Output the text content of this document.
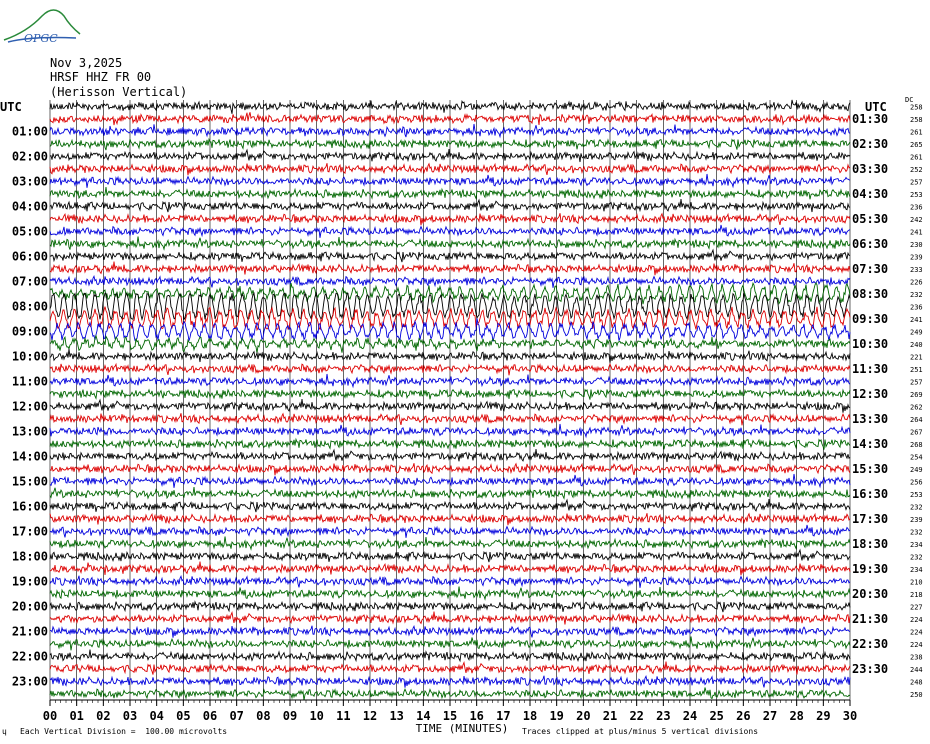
OPGC
Nov 3,2025
HRSF HHZ FR 00
(Herisson Vertical)
258
258
261
265
261
252
257
253
236
242
241
230
239
233
226
232
236
241
249
240
221
251
257
269
262
264
267
268
254
249
256
253
232
239
232
234
232
234
210
218
227
224
224
224
238
244
248
250
UTC	UTC	DC
01:00
02:00
03:00
04:00
05:00
06:00
07:00
08:00
09:00
10:00
11:00
12:00
13:00
14:00
15:00
16:00
17:00
18:00
19:00
20:00
21:00
22:00
23:00
01:30
02:30
03:30
04:30
05:30
06:30
07:30
08:30
09:30
10:30
11:30
12:30
13:30
14:30
15:30
16:30
17:30
18:30
19:30
20:30
21:30
22:30
23:30
00 01 02 03 04 05 06 07 08 09 10 11 12 13 14 15 16 17 18 19 20 21 22 23 24 25 26 27 28 29 30
TIME (MINUTES)
ɥ Each Vertical Division =  100.00 microvolts	Traces clipped at plus/minus 5 vertical divisions
